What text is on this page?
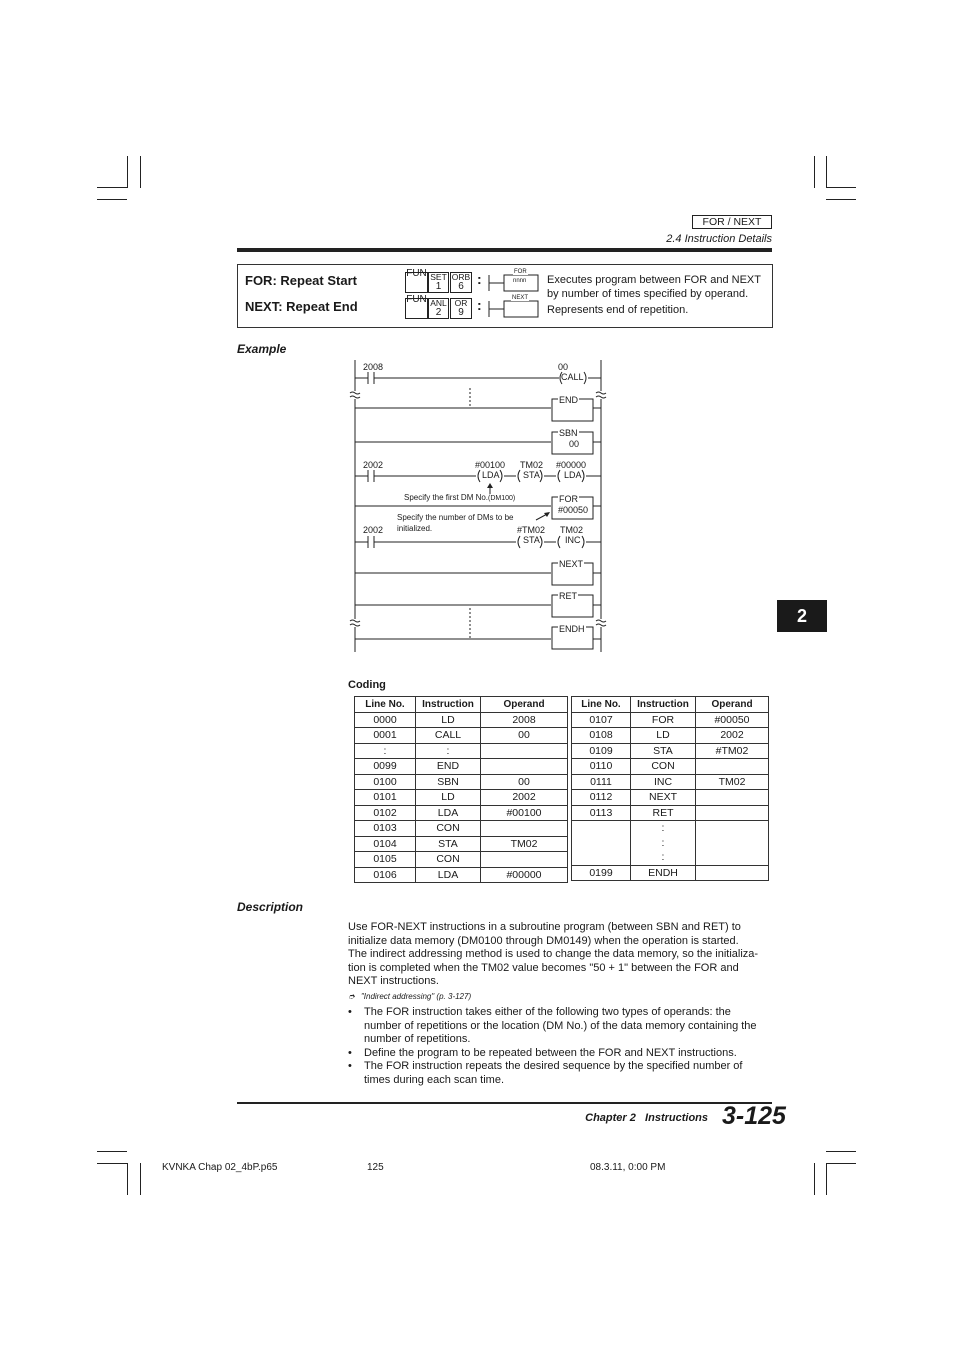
FOR / NEXT
2.4 Instruction Details
FOR: Repeat Start
NEXT: Repeat End
FUN SET
1
ORB
6 :
FUN ANL
2
OR
9 :
FOR
nnnn
NEXT
Executes program between FOR and NEXT by number of times specified by operand.
Represents end of repetition.
Example
2008	00
CALL
END
SBN
00
2002	#00100
LDA
TM02
STA
#00000
LDA
Specify the first DM No.(DM100)	FOR
#00050
Specify the number of DMs to be
initialized.
2002	#TM02
STA
TM02
INC
NEXT
RET
ENDH
Coding
Line No.	Instruction	Operand
0000	LD	2008
0001	CALL	00
:	:	
0099	END	
0100	SBN	00
0101	LD	2002
0102	LDA	#00100
0103	CON	
0104	STA	TM02
0105	CON	
0106	LDA	#00000
Line No.	Instruction	Operand
0107	FOR	#00050
0108	LD	2002
0109	STA	#TM02
0110	CON	
0111	INC	TM02
0112	NEXT	
0113	RET	
	:	
	:	
	:	
0199	ENDH	
Description
Use FOR-NEXT instructions in a subroutine program (between SBN and RET) to
initialize data memory (DM0100 through DM0149) when the operation is started.
The indirect addressing method is used to change the data memory, so the initializa-
tion is completed when the TM02 value becomes "50 + 1" between the FOR and
NEXT instructions.
➮ "Indirect addressing" (p. 3-127)
• The FOR instruction takes either of the following two types of operands: the
number of repetitions or the location (DM No.) of the data memory containing the
number of repetitions.
• Define the program to be repeated between the FOR and NEXT instructions.
• The FOR instruction repeats the desired sequence by the specified number of
times during each scan time.
Chapter 2   Instructions 3-125
KVNKA Chap 02_4bP.p65	125	08.3.11, 0:00 PM
2
